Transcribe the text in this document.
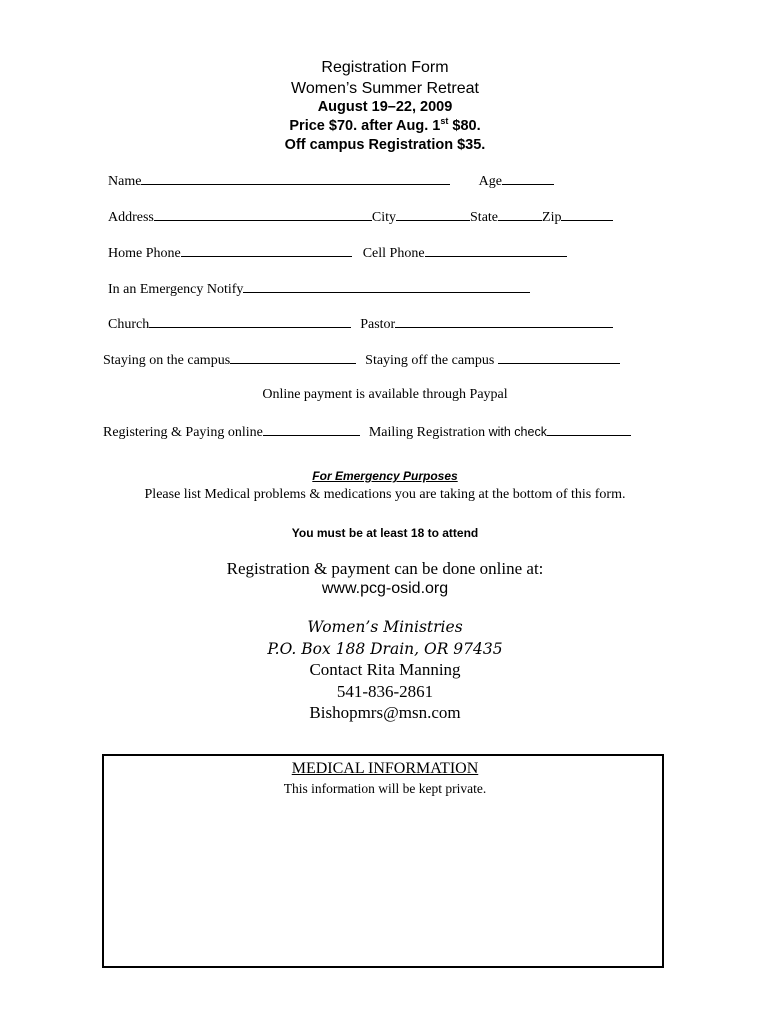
Registration Form
Women’s Summer Retreat
August 19–22, 2009
Price $70. after Aug. 1st $80.
Off campus Registration $35.
Name	Age
Address	City	State	Zip
Home Phone	Cell Phone
In an Emergency Notify
Church	Pastor
Staying on the campus	Staying off the campus
Online payment is available through Paypal
Registering & Paying online	Mailing Registration with check
For Emergency Purposes
Please list Medical problems & medications you are taking at the bottom of this form.
You must be at least 18 to attend
Registration & payment can be done online at:
www.pcg-osid.org
Women’s Ministries
P.O. Box 188 Drain, OR 97435
Contact Rita Manning
541-836-2861
Bishopmrs@msn.com
MEDICAL INFORMATION
This information will be kept private.
